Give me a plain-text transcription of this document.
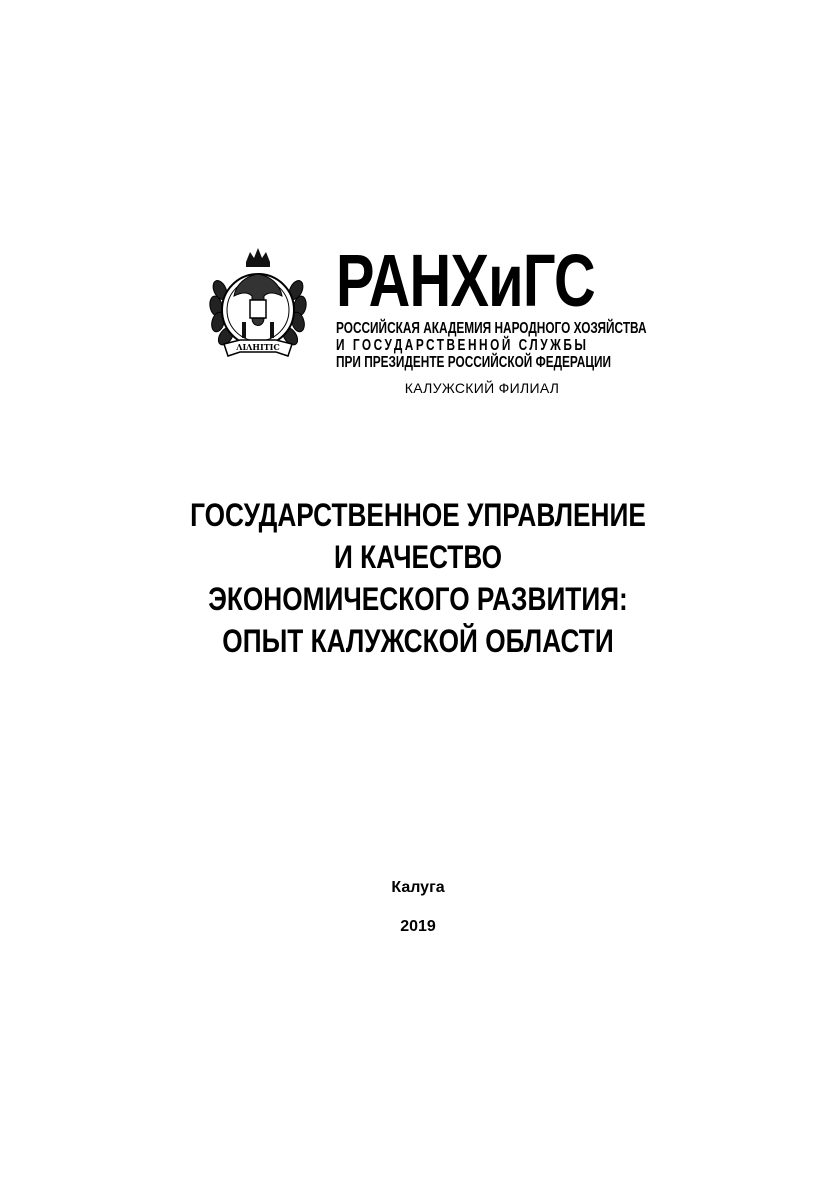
ΛΙΛΗΙΤΙС
РАНХиГС
РОССИЙСКАЯ АКАДЕМИЯ НАРОДНОГО ХОЗЯЙСТВА
И ГОСУДАРСТВЕННОЙ СЛУЖБЫ
ПРИ ПРЕЗИДЕНТЕ РОССИЙСКОЙ ФЕДЕРАЦИИ
КАЛУЖСКИЙ ФИЛИАЛ
ГОСУДАРСТВЕННОЕ УПРАВЛЕНИЕ
И КАЧЕСТВО
ЭКОНОМИЧЕСКОГО РАЗВИТИЯ:
ОПЫТ КАЛУЖСКОЙ ОБЛАСТИ
Калуга
2019
